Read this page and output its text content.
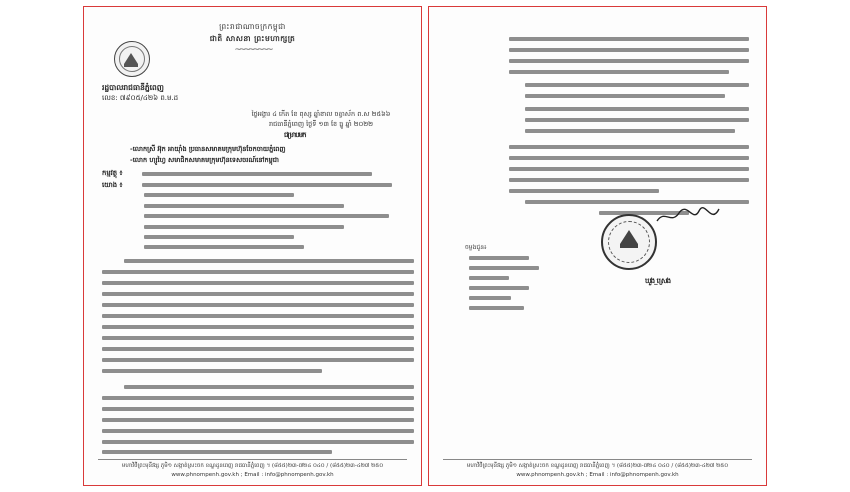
ព្រះរាជាណាចក្រកម្ពុជា
ជាតិ សាសនា ព្រះមហាក្សត្រ
~~~~~~~~
រដ្ឋបាលរាជធានីភ្នំពេញ
លេខ: ៧៩០៥/៤២៦ ព.ម.ដ
ថ្ងៃអង្គារ ៤ កើត ខែ ពុស្ស ឆ្នាំខាល ចត្វាស័ក ព.ស ២៥៦៦
រាជធានីភ្នំពេញ ថ្ងៃទី ១៣ ខែ ធ្នូ ឆ្នាំ ២០២២
ជម្រាបមក
-លោកស្រី អ៊ុក អាយ៉ាំង ប្រធានសមាគមក្រុមហ៊ុនចែកចាយភ្នំពេញ
-លោក ហ្សូហ្វៃ សមាជិកសមាគមក្រុមហ៊ុនទេសចរណ៍នៅកម្ពុជា
កម្មវត្ថុ ៖
យោង ៖
មហាវិថីព្រះមុនីវង្ស ភូមិ១ សង្កាត់ស្រះចក ខណ្ឌដូនពេញ រាជធានីភ្នំពេញ ។ (៨៥៥)២៣-៧២៤ ០៤០ / (៨៥៥)២៣-៤២៧ ២៥០
www.phnompenh.gov.kh ; Email : info@phnompenh.gov.kh
ឃួង_ស្រេង
ចម្លងជូន៖
មហាវិថីព្រះមុនីវង្ស ភូមិ១ សង្កាត់ស្រះចក ខណ្ឌដូនពេញ រាជធានីភ្នំពេញ ។ (៨៥៥)២៣-៧២៤ ០៤០ / (៨៥៥)២៣-៤២៧ ២៥០
www.phnompenh.gov.kh ; Email : info@phnompenh.gov.kh
